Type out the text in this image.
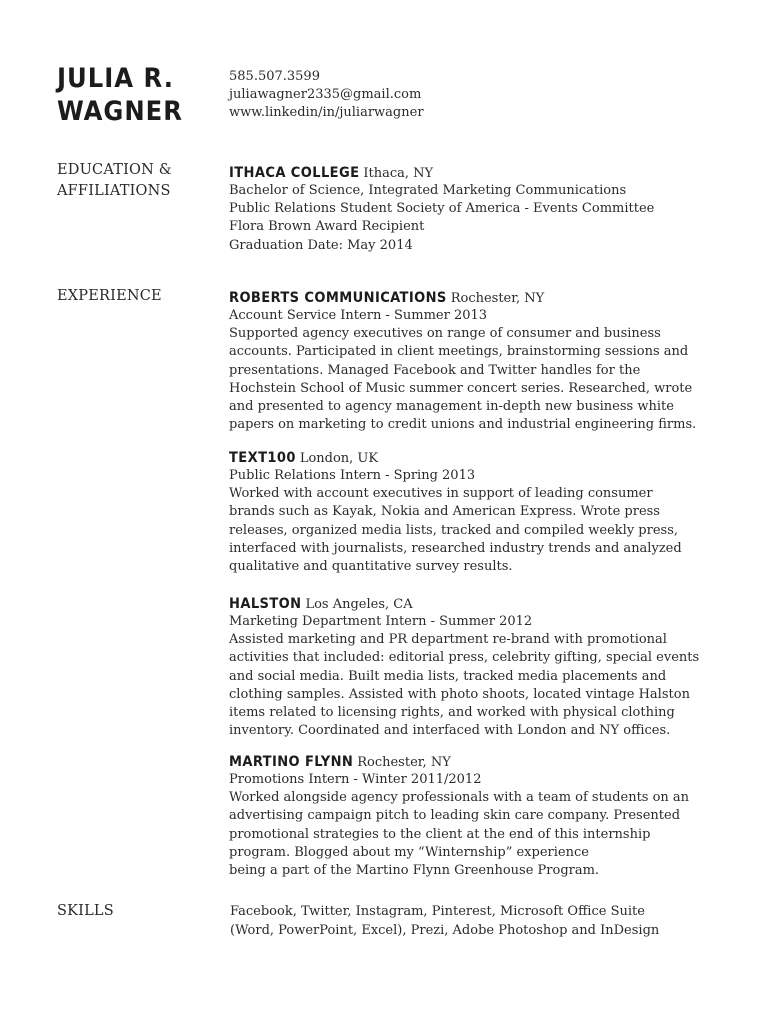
JULIA R.
WAGNER
585.507.3599
juliawagner2335@gmail.com
www.linkedin/in/juliarwagner
EDUCATION &
AFFILIATIONS
ITHACA COLLEGE Ithaca, NY
Bachelor of Science, Integrated Marketing Communications
Public Relations Student Society of America - Events Committee
Flora Brown Award Recipient
Graduation Date: May 2014
EXPERIENCE	ROBERTS COMMUNICATIONS Rochester, NY
Account Service Intern - Summer 2013
Supported agency executives on range of consumer and business
accounts. Participated in client meetings, brainstorming sessions and
presentations. Managed Facebook and Twitter handles for the
Hochstein School of Music summer concert series. Researched, wrote
and presented to agency management in-depth new business white
papers on marketing to credit unions and industrial engineering firms.
TEXT100 London, UK
Public Relations Intern - Spring 2013
Worked with account executives in support of leading consumer
brands such as Kayak, Nokia and American Express. Wrote press
releases, organized media lists, tracked and compiled weekly press,
interfaced with journalists, researched industry trends and analyzed
qualitative and quantitative survey results.
HALSTON Los Angeles, CA
Marketing Department Intern - Summer 2012
Assisted marketing and PR department re-brand with promotional
activities that included: editorial press, celebrity gifting, special events
and social media. Built media lists, tracked media placements and
clothing samples. Assisted with photo shoots, located vintage Halston
items related to licensing rights, and worked with physical clothing
inventory. Coordinated and interfaced with London and NY offices.
MARTINO FLYNN Rochester, NY
Promotions Intern - Winter 2011/2012
Worked alongside agency professionals with a team of students on an
advertising campaign pitch to leading skin care company. Presented
promotional strategies to the client at the end of this internship
program. Blogged about my “Winternship” experience
being a part of the Martino Flynn Greenhouse Program.
SKILLS	Facebook, Twitter, Instagram, Pinterest, Microsoft Office Suite
(Word, PowerPoint, Excel), Prezi, Adobe Photoshop and InDesign
